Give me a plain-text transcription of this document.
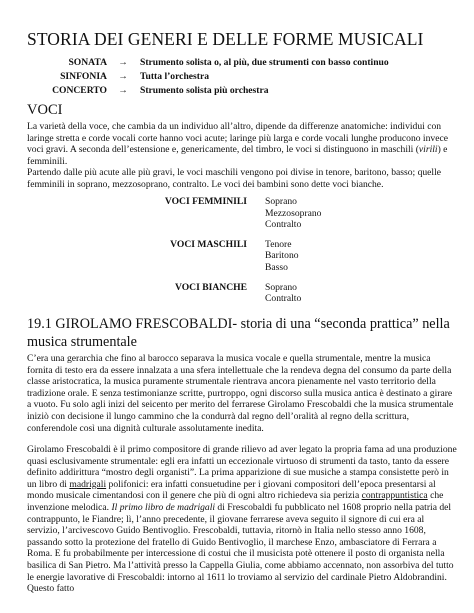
STORIA DEI GENERI E DELLE FORME MUSICALI
SONATA	→	Strumento solista o, al più, due strumenti con basso continuo
SINFONIA	→	Tutta l’orchestra
CONCERTO	→	Strumento solista più orchestra
VOCI
La varietà della voce, che cambia da un individuo all’altro, dipende da differenze anatomiche: individui con laringe stretta e corde vocali corte hanno voci acute; laringe più larga e corde vocali lunghe producono invece voci gravi. A seconda dell’estensione e, genericamente, del timbro, le voci si distinguono in maschili (virili) e femminili.
Partendo dalle più acute alle più gravi, le voci maschili vengono poi divise in tenore, baritono, basso; quelle femminili in soprano, mezzosoprano, contralto. Le voci dei bambini sono dette voci bianche.
VOCI FEMMINILI Soprano
Mezzosoprano
Contralto
VOCI MASCHILI Tenore
Baritono
Basso
VOCI BIANCHE Soprano
Contralto
19.1 GIROLAMO FRESCOBALDI- storia di una “seconda prattica” nella musica strumentale
C’era una gerarchia che fino al barocco separava la musica vocale e quella strumentale, mentre la musica fornita di testo era da essere innalzata a una sfera intellettuale che la rendeva degna del consumo da parte della classe aristocratica, la musica puramente strumentale rientrava ancora pienamente nel vasto territorio della tradizione orale. E senza testimonianze scritte, purtroppo, ogni discorso sulla musica antica è destinato a girare a vuoto. Fu solo agli inizi del seicento per merito del ferrarese Girolamo Frescobaldi che la musica strumentale iniziò con decisione il lungo cammino che la condurrà dal regno dell’oralità al regno della scrittura, conferendole così una dignità culturale assolutamente inedita.
Girolamo Frescobaldi è il primo compositore di grande rilievo ad aver legato la propria fama ad una produzione quasi esclusivamente strumentale: egli era infatti un eccezionale virtuoso di strumenti da tasto, tanto da essere definito addirittura “mostro degli organisti”. La prima apparizione di sue musiche a stampa consistette però in un libro di madrigali polifonici: era infatti consuetudine per i giovani compositori dell’epoca presentarsi al mondo musicale cimentandosi con il genere che più di ogni altro richiedeva sia perizia contrappuntistica che invenzione melodica. Il primo libro de madrigali di Frescobaldi fu pubblicato nel 1608 proprio nella patria del contrappunto, le Fiandre; lì, l’anno precedente, il giovane ferrarese aveva seguito il signore di cui era al servizio, l’arcivescovo Guido Bentivoglio. Frescobaldi, tuttavia, ritornò in Italia nello stesso anno 1608, passando sotto la protezione del fratello di Guido Bentivoglio, il marchese Enzo, ambasciatore di Ferrara a Roma. E fu probabilmente per intercessione di costui che il musicista potè ottenere il posto di organista nella basilica di San Pietro. Ma l’attività presso la Cappella Giulia, come abbiamo accennato, non assorbiva del tutto le energie lavorative di Frescobaldi: intorno al 1611 lo troviamo al servizio del cardinale Pietro Aldobrandini. Questo fatto
